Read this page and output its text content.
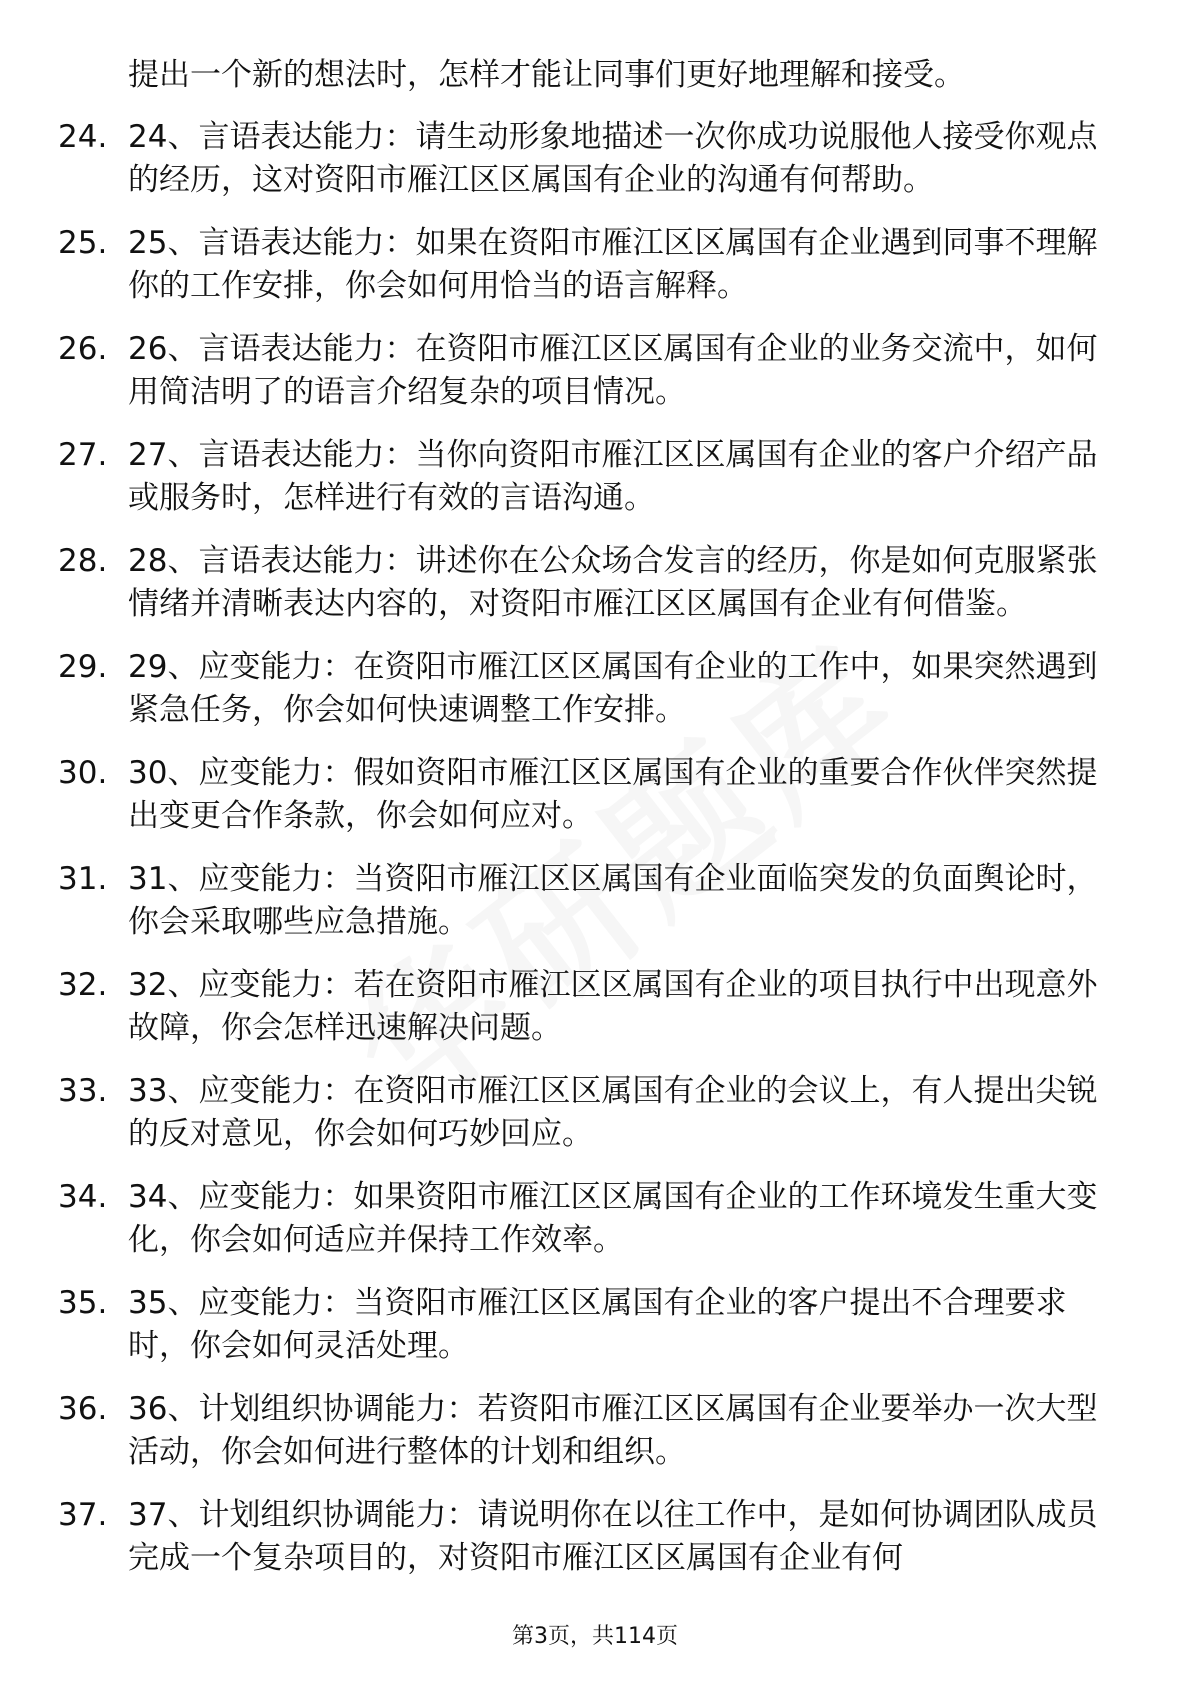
提出一个新的想法时，怎样才能让同事们更好地理解和接受。
24. 24、言语表达能力：请生动形象地描述一次你成功说服他人接受你观点的经历，这对资阳市雁江区区属国有企业的沟通有何帮助。
25. 25、言语表达能力：如果在资阳市雁江区区属国有企业遇到同事不理解你的工作安排，你会如何用恰当的语言解释。
26. 26、言语表达能力：在资阳市雁江区区属国有企业的业务交流中，如何用简洁明了的语言介绍复杂的项目情况。
27. 27、言语表达能力：当你向资阳市雁江区区属国有企业的客户介绍产品或服务时，怎样进行有效的言语沟通。
28. 28、言语表达能力：讲述你在公众场合发言的经历，你是如何克服紧张情绪并清晰表达内容的，对资阳市雁江区区属国有企业有何借鉴。
29. 29、应变能力：在资阳市雁江区区属国有企业的工作中，如果突然遇到紧急任务，你会如何快速调整工作安排。
30. 30、应变能力：假如资阳市雁江区区属国有企业的重要合作伙伴突然提出变更合作条款，你会如何应对。
31. 31、应变能力：当资阳市雁江区区属国有企业面临突发的负面舆论时，你会采取哪些应急措施。
32. 32、应变能力：若在资阳市雁江区区属国有企业的项目执行中出现意外故障，你会怎样迅速解决问题。
33. 33、应变能力：在资阳市雁江区区属国有企业的会议上，有人提出尖锐的反对意见，你会如何巧妙回应。
34. 34、应变能力：如果资阳市雁江区区属国有企业的工作环境发生重大变化，你会如何适应并保持工作效率。
35. 35、应变能力：当资阳市雁江区区属国有企业的客户提出不合理要求时，你会如何灵活处理。
36. 36、计划组织协调能力：若资阳市雁江区区属国有企业要举办一次大型活动，你会如何进行整体的计划和组织。
37. 37、计划组织协调能力：请说明你在以往工作中，是如何协调团队成员完成一个复杂项目的，对资阳市雁江区区属国有企业有何
第3页，共114页
